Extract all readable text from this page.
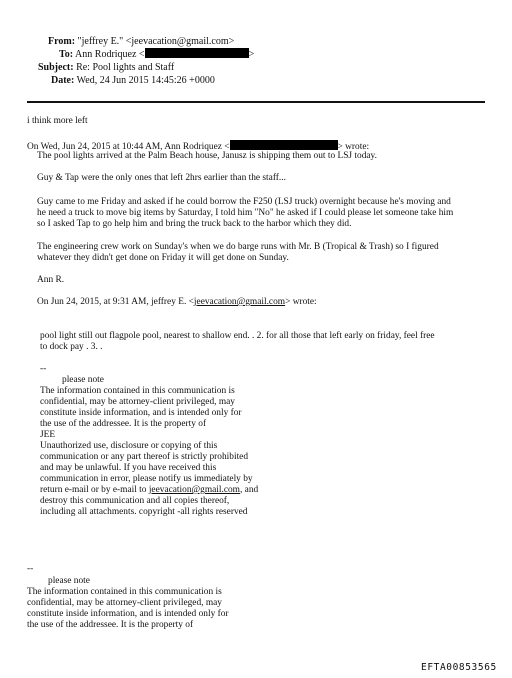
From: "jeffrey E." <jeevacation@gmail.com>
To: Ann Rodriquez <	>
Subject: Re: Pool lights and Staff
Date: Wed, 24 Jun 2015 14:45:26 +0000
i think more left
On Wed, Jun 24, 2015 at 10:44 AM, Ann Rodriquez <	> wrote:
The pool lights arrived at the Palm Beach house, Janusz is shipping them out to LSJ today.
Guy & Tap were the only ones that left 2hrs earlier than the staff...
Guy came to me Friday and asked if he could borrow the F250 (LSJ truck) overnight because he's moving and
he need a truck to move big items by Saturday, I told him "No" he asked if I could please let someone take him
so I asked Tap to go help him and bring the truck back to the harbor which they did.
The engineering crew work on Sunday's when we do barge runs with Mr. B (Tropical & Trash) so I figured
whatever they didn't get done on Friday it will get done on Sunday.
Ann R.
On Jun 24, 2015, at 9:31 AM, jeffrey E. <jeevacation@gmail.com> wrote:
pool light still out flagpole pool, nearest to shallow end. . 2. for all those that left early on friday, feel free
to dock pay . 3. .
--
please note
The information contained in this communication is
confidential, may be attorney-client privileged, may
constitute inside information, and is intended only for
the use of the addressee. It is the property of
JEE
Unauthorized use, disclosure or copying of this
communication or any part thereof is strictly prohibited
and may be unlawful. If you have received this
communication in error, please notify us immediately by
return e-mail or by e-mail to jeevacation@gmail.com, and
destroy this communication and all copies thereof,
including all attachments. copyright -all rights reserved
--
please note
The information contained in this communication is
confidential, may be attorney-client privileged, may
constitute inside information, and is intended only for
the use of the addressee. It is the property of
EFTA00853565
